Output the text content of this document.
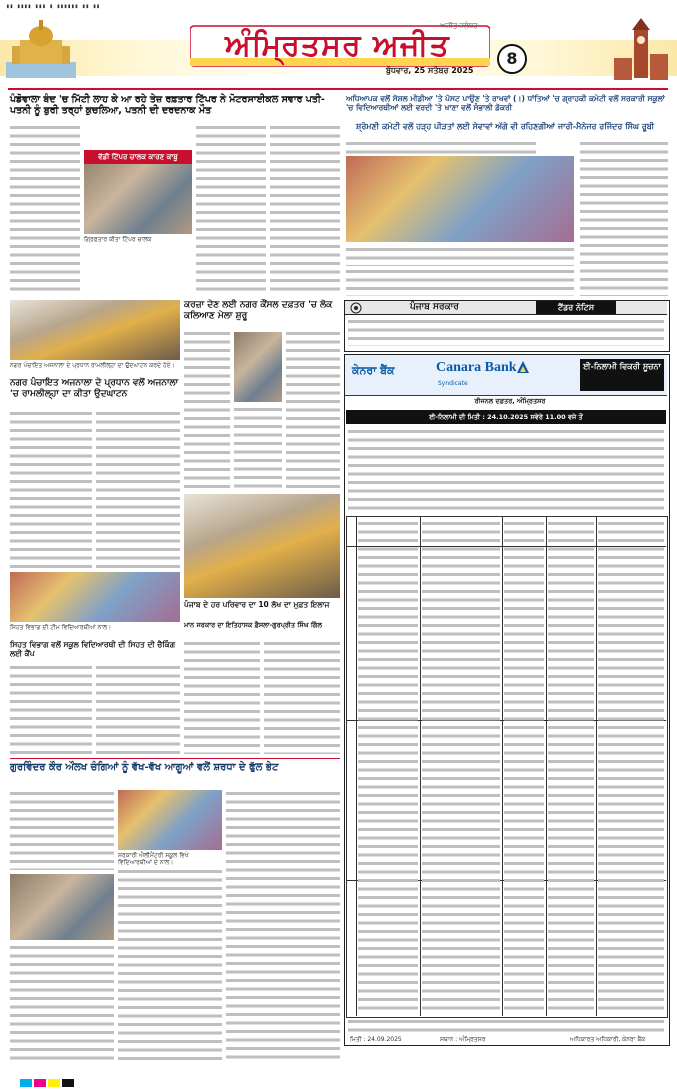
▮▮ ▮▮▮▮ ▮▮▮ ▮ ▮▮▮▮▮▮ ▮▮ ▮▮
ਅੰਮ੍ਰਿਤਸਰ ਅਜੀਤ
ਅਜੀਤ ਜਲੰਧਰ
ਬੁੱਧਵਾਰ, 25 ਸਤੰਬਰ 2025
8
ਪੰਡੋਵਾਲਾ ਬੰਦ 'ਚ ਮਿੱਟੀ ਲਾਹ ਕੇ ਆ ਰਹੇ ਤੇਜ਼ ਰਫ਼ਤਾਰ ਟਿੱਪਰ ਨੇ ਮੋਟਰਸਾਈਕਲ ਸਵਾਰ ਪਤੀ-ਪਤਨੀ ਨੂੰ ਬੁਰੀ ਤਰ੍ਹਾਂ ਕੁਚਲਿਆ, ਪਤਨੀ ਦੀ ਦਰਦਨਾਕ ਮੌਤ
ਵੱਡੀ ਟਿੱਪਰ ਚਾਲਕ ਕਾਰਣ ਕਾਬੂ
ਗ੍ਰਿਫ਼ਤਾਰ ਕੀਤਾ ਟਿੱਪਰ ਚਾਲਕ
ਅਧਿਆਪਕ ਵਲੋਂ ਸੋਸ਼ਲ ਮੀਡੀਆ 'ਤੇ ਪੋਸਟ ਪਾਉਣ 'ਤੇ ਰਾਖਵਾਂ (।) ਧਾਂਤਿਆਂ 'ਚ ਗ੍ਰਾਹਕੀ ਕਮੇਟੀ ਵਲੋਂ ਸਰਕਾਰੀ ਸਕੂਲਾਂ 'ਚ ਵਿਦਿਆਰਥੀਆਂ ਲਈ ਵਰਦੀ 'ਤੇ ਖਾਣਾ ਵਲੋਂ ਸੰਭਾਲੀ ਡੋਕਰੀ
ਸ਼੍ਰੋਮਣੀ ਕਮੇਟੀ ਵਲੋਂ ਹੜ੍ਹ ਪੀੜਤਾਂ ਲਈ ਸੇਵਾਵਾਂ ਅੱਗੇ ਵੀ ਰਹਿਣਗੀਆਂ ਜਾਰੀ-ਮੈਨੇਜਰ ਰਜਿੰਦਰ ਸਿੰਘ ਰੂਬੀ
ਪੰਜਾਬ ਸਰਕਾਰ	ਟੈਂਡਰ ਨੋਟਿਸ
ਕੇਨਰਾ ਬੈਂਕ	Canara Bank
Syndicate
ਈ-ਨਿਲਾਮੀ ਵਿਕਰੀ ਸੂਚਨਾ
ਰੀਜਨਲ ਦਫ਼ਤਰ, ਅੰਮ੍ਰਿਤਸਰ
ਈ-ਨਿਲਾਮੀ ਦੀ ਮਿਤੀ : 24.10.2025 ਸਵੇਰੇ 11.00 ਵਜੇ ਤੋਂ
ਮਿਤੀ : 24.09.2025	ਸਥਾਨ : ਅੰਮ੍ਰਿਤਸਰ	ਅਧਿਕਾਰਤ ਅਧਿਕਾਰੀ, ਕੇਨਰਾ ਬੈਂਕ
ਨਗਰ ਪੰਚਾਇਤ ਅਜਨਾਲਾ ਦੇ ਪ੍ਰਧਾਨ ਰਾਮਲੀਲ੍ਹਾ ਦਾ ਉਦਘਾਟਨ ਕਰਦੇ ਹੋਏ।
ਨਗਰ ਪੰਚਾਇਤ ਅਜਨਾਲਾ ਦੇ ਪ੍ਰਧਾਨ ਵਲੋਂ ਅਜਨਾਲਾ 'ਚ ਰਾਮਲੀਲ੍ਹਾ ਦਾ ਕੀਤਾ ਉਦਘਾਟਨ
ਸਿਹਤ ਵਿਭਾਗ ਦੀ ਟੀਮ ਵਿਦਿਆਰਥੀਆਂ ਨਾਲ।
ਸਿਹਤ ਵਿਭਾਗ ਵਲੋਂ ਸਕੂਲ ਵਿਦਿਆਰਥੀ ਦੀ ਸਿਹਤ ਦੀ ਚੈਕਿੰਗ ਲਈ ਕੈਂਪ
ਕਰਜ਼ਾ ਦੇਣ ਲਈ ਨਗਰ ਕੌਂਸਲ ਦਫ਼ਤਰ 'ਚ ਲੋਕ ਕਲਿਆਣ ਮੇਲਾ ਸ਼ੁਰੂ
ਪੰਜਾਬ ਦੇ ਹਰ ਪਰਿਵਾਰ ਦਾ 10 ਲੱਖ ਦਾ ਮੁਫ਼ਤ ਇਲਾਜ
ਮਾਨ ਸਰਕਾਰ ਦਾ ਇਤਿਹਾਸਕ ਫ਼ੈਸਲਾ-ਗੁਰਪ੍ਰੀਤ ਸਿੰਘ ਗਿੱਲ
ਗੁਰਵਿੰਦਰ ਕੌਰ ਔਲਖ ਚੰਗਿਆਂ ਨੂੰ ਵੱਖ-ਵੱਖ ਆਗੂਆਂ ਵਲੋਂ ਸ਼ਰਧਾ ਦੇ ਫੁੱਲ ਭੇਟ
ਸਰਕਾਰੀ ਐਲੀਮੈਂਟਰੀ ਸਕੂਲ ਵਿਖੇ ਵਿਦਿਆਰਥੀਆਂ ਦੇ ਨਾਲ।
